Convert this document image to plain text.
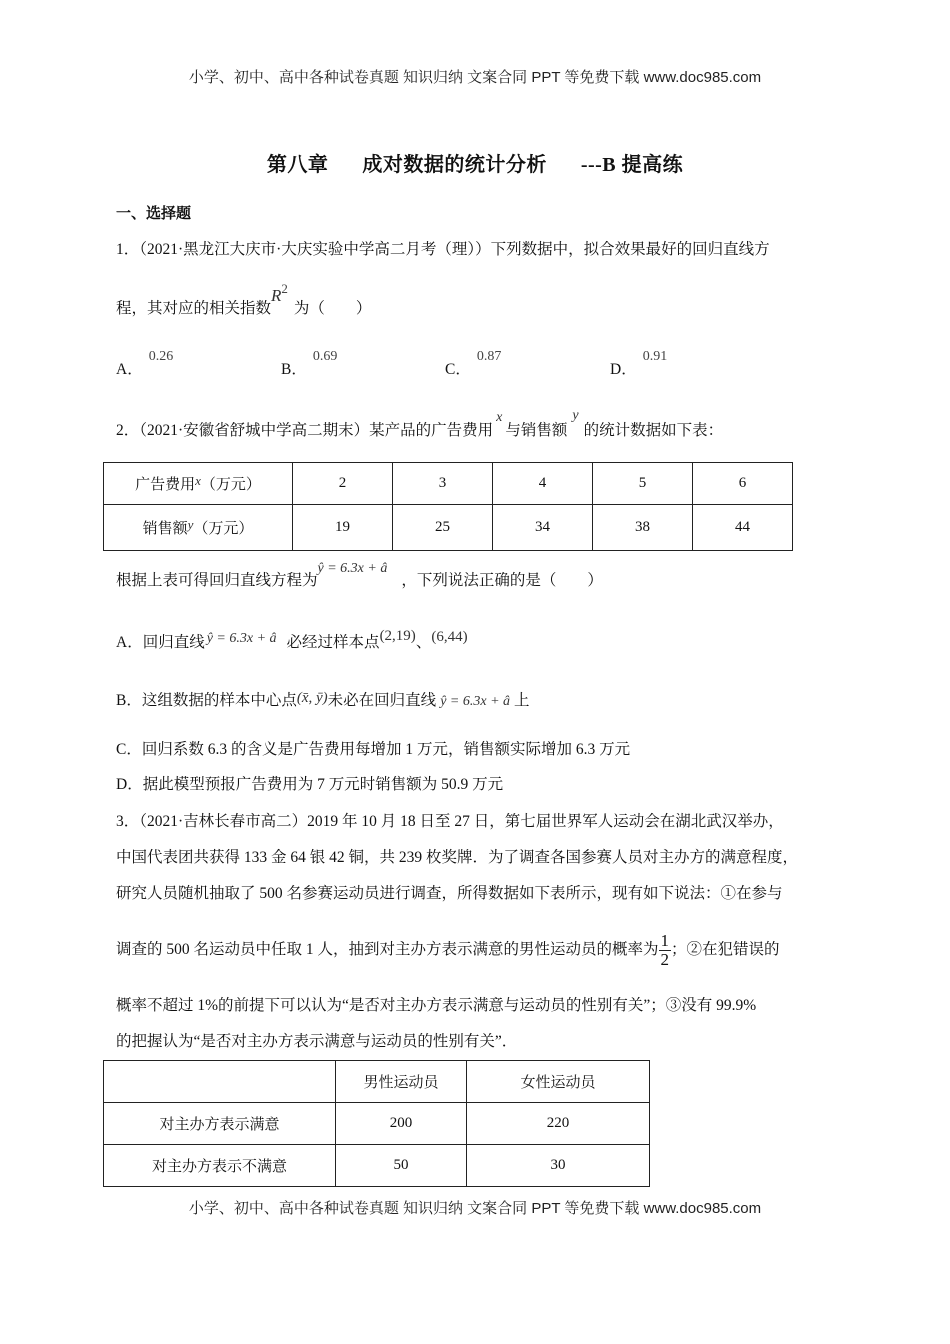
小学、初中、高中各种试卷真题 知识归纳 文案合同 PPT 等免费下载 www.doc985.com
第八章 成对数据的统计分析 ---B 提高练
一、选择题
1．（2021·黑龙江大庆市·大庆实验中学高二月考（理））下列数据中，拟合效果最好的回归直线方
程，其对应的相关指数$R^2$为（　　）
A．0.26
B．0.69
C．0.87
D．0.91
2．（2021·安徽省舒城中学高二期末）某产品的广告费用x与销售额y的统计数据如下表：
广告费用x（万元）	2	3	4	5	6
销售额y（万元）	19	25	34	38	44
根据上表可得回归直线方程为ŷ = 6.3x + â，下列说法正确的是（　　）
A．回归直线 ŷ = 6.3x + â 必经过样本点(2,19)、(6,44)
B．这组数据的样本中心点(x̄, ȳ)未必在回归直线 ŷ = 6.3x + â 上
C．回归系数 6.3 的含义是广告费用每增加 1 万元，销售额实际增加 6.3 万元
D．据此模型预报广告费用为 7 万元时销售额为 50.9 万元
3．（2021·吉林长春市高二）2019 年 10 月 18 日至 27 日，第七届世界军人运动会在湖北武汉举办，
中国代表团共获得 133 金 64 银 42 铜，共 239 枚奖牌．为了调查各国参赛人员对主办方的满意程度，
研究人员随机抽取了 500 名参赛运动员进行调查，所得数据如下表所示，现有如下说法：①在参与
调查的 500 名运动员中任取 1 人，抽到对主办方表示满意的男性运动员的概率为 $\frac{1}{2}$ ；②在犯错误的
概率不超过 1%的前提下可以认为“是否对主办方表示满意与运动员的性别有关”；③没有 99.9%
的把握认为“是否对主办方表示满意与运动员的性别有关”．
	男性运动员	女性运动员
对主办方表示满意	200	220
对主办方表示不满意	50	30
小学、初中、高中各种试卷真题 知识归纳 文案合同 PPT 等免费下载 www.doc985.com
